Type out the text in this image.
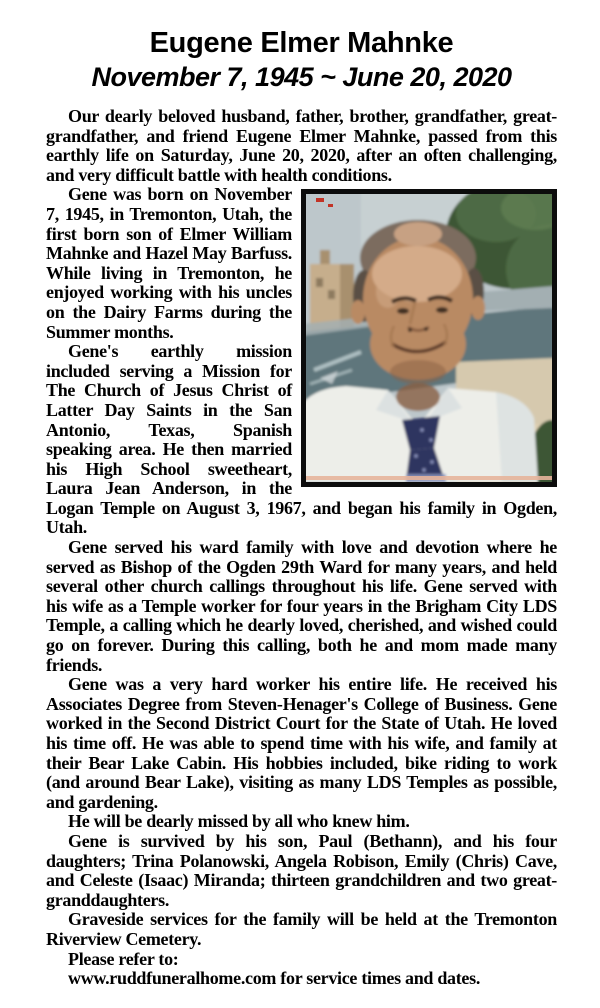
Eugene Elmer Mahnke
November 7, 1945 ~ June 20, 2020

Our dearly beloved husband, father, brother, grandfather, great-grandfather, and friend Eugene Elmer Mahnke, passed from this earthly life on Saturday, June 20, 2020, after an often challenging, and very difficult battle with health conditions.

Gene was born on November 7, 1945, in Tremonton, Utah, the first born son of Elmer William Mahnke and Hazel May Barfuss. While living in Tremonton, he enjoyed working with his uncles on the Dairy Farms during the Summer months.

Gene's earthly mission included serving a Mission for The Church of Jesus Christ of Latter Day Saints in the San Antonio, Texas, Spanish speaking area. He then married his High School sweetheart, Laura Jean Anderson, in the Logan Temple on August 3, 1967, and began his family in Ogden, Utah.

Gene served his ward family with love and devotion where he served as Bishop of the Ogden 29th Ward for many years, and held several other church callings throughout his life. Gene served with his wife as a Temple worker for four years in the Brigham City LDS Temple, a calling which he dearly loved, cherished, and wished could go on forever. During this calling, both he and mom made many friends.

Gene was a very hard worker his entire life. He received his Associates Degree from Steven-Henager's College of Business. Gene worked in the Second District Court for the State of Utah. He loved his time off. He was able to spend time with his wife, and family at their Bear Lake Cabin. His hobbies included, bike riding to work (and around Bear Lake), visiting as many LDS Temples as possible, and gardening.

He will be dearly missed by all who knew him.

Gene is survived by his son, Paul (Bethann), and his four daughters; Trina Polanowski, Angela Robison, Emily (Chris) Cave, and Celeste (Isaac) Miranda; thirteen grandchildren and two great-granddaughters.

Graveside services for the family will be held at the Tremonton Riverview Cemetery.

Please refer to:

www.ruddfuneralhome.com for service times and dates.
